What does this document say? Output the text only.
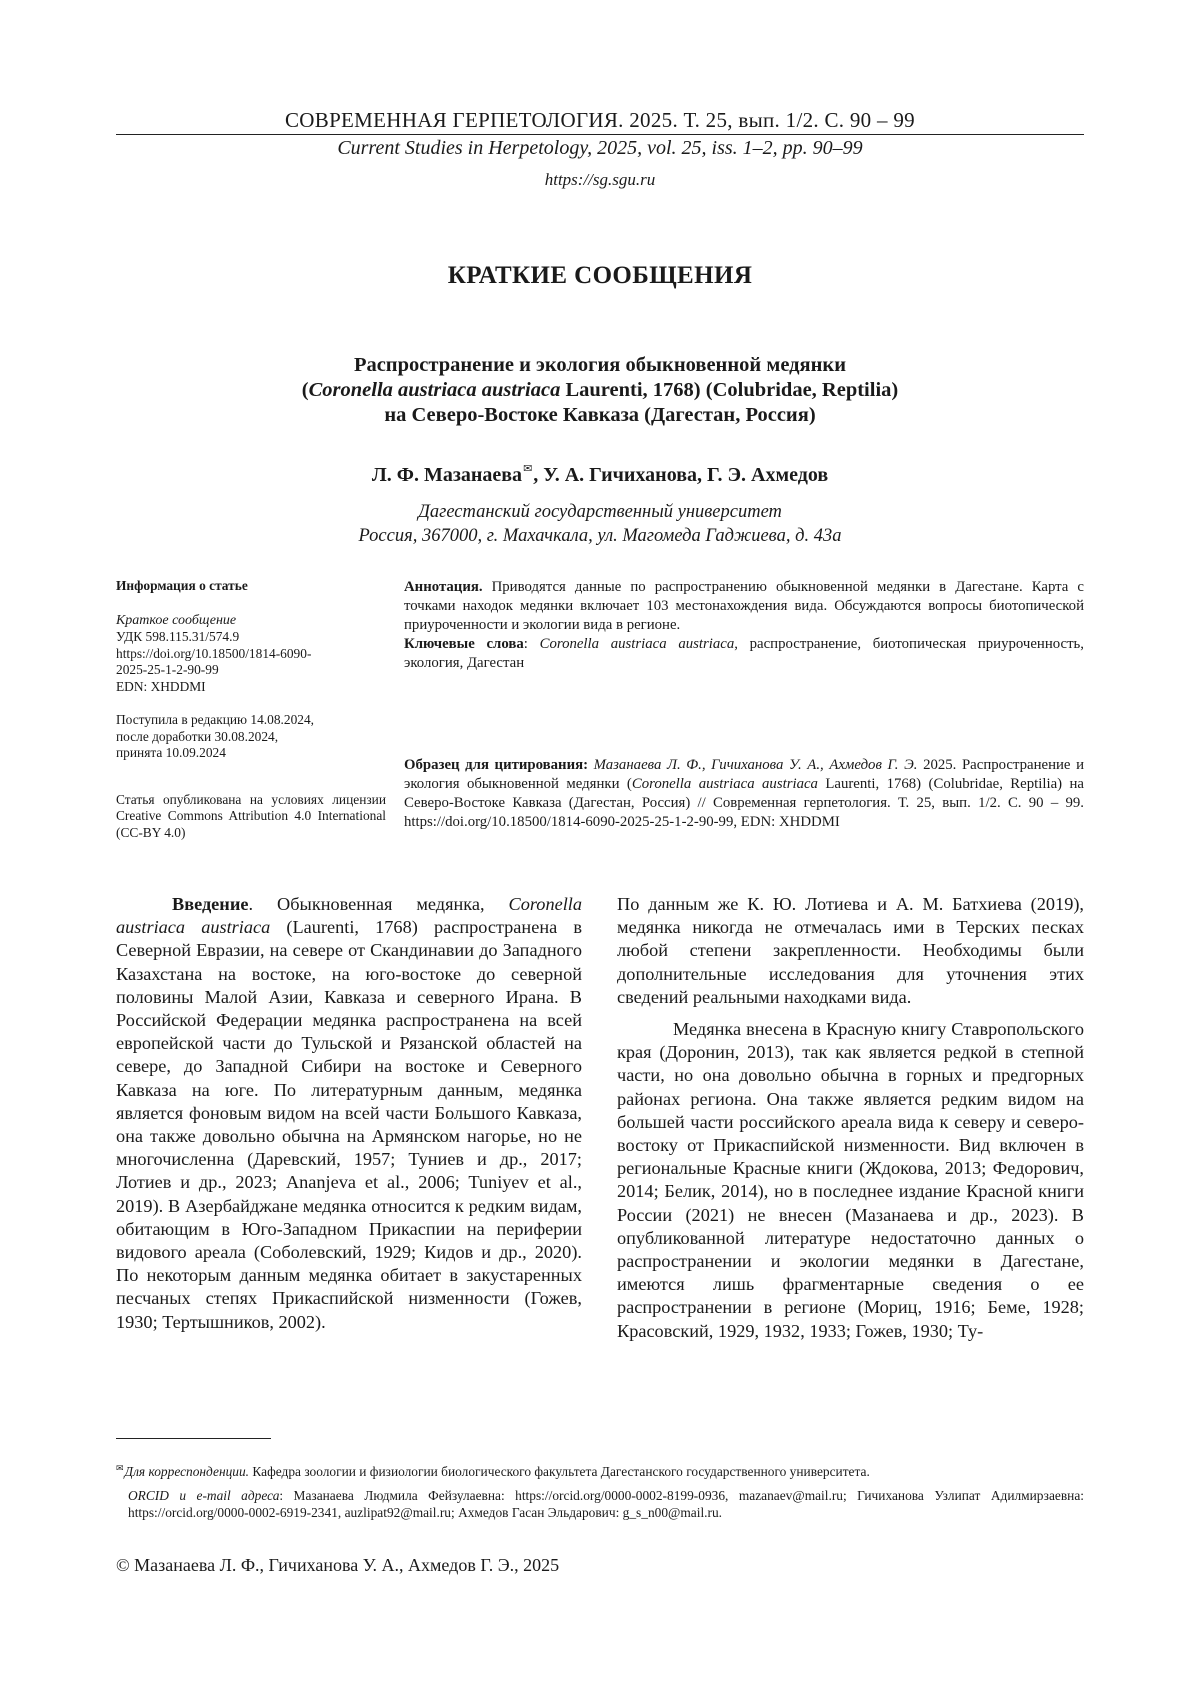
СОВРЕМЕННАЯ ГЕРПЕТОЛОГИЯ. 2025. Т. 25, вып. 1/2. С. 90 – 99
Current Studies in Herpetology, 2025, vol. 25, iss. 1–2, pp. 90–99
https://sg.sgu.ru
КРАТКИЕ СООБЩЕНИЯ
Распространение и экология обыкновенной медянки
(Coronella austriaca austriaca Laurenti, 1768) (Colubridae, Reptilia)
на Северо-Востоке Кавказа (Дагестан, Россия)
Л. Ф. Мазанаева✉, У. А. Гичиханова, Г. Э. Ахмедов
Дагестанский государственный университет
Россия, 367000, г. Махачкала, ул. Магомеда Гаджиева, д. 43а
Информация о статье
Краткое сообщение
УДК 598.115.31/574.9
https://doi.org/10.18500/1814-6090-
2025-25-1-2-90-99
EDN: XHDDMI
Поступила в редакцию 14.08.2024,
после доработки 30.08.2024,
принята 10.09.2024
Статья опубликована на условиях лицензии Creative Commons Attribution 4.0 International (CC-BY 4.0)
Аннотация. Приводятся данные по распространению обыкновенной медянки в Дагестане. Карта с точками находок медянки включает 103 местонахождения вида. Обсуждаются вопросы биотопической приуроченности и экологии вида в регионе.
Ключевые слова: Coronella austriaca austriaca, распространение, биотопическая приуроченность, экология, Дагестан
Образец для цитирования: Мазанаева Л. Ф., Гичиханова У. А., Ахмедов Г. Э. 2025. Распространение и экология обыкновенной медянки (Coronella austriaca austriaca Laurenti, 1768) (Colubridae, Reptilia) на Северо-Востоке Кавказа (Дагестан, Россия) // Современная герпетология. Т. 25, вып. 1/2. С. 90 – 99. https://doi.org/10.18500/1814-6090-2025-25-1-2-90-99, EDN: XHDDMI

Введение. Обыкновенная медянка, Coronella austriaca austriaca (Laurenti, 1768) распространена в Северной Евразии, на севере от Скандинавии до Западного Казахстана на востоке, на юго-востоке до северной половины Малой Азии, Кавказа и северного Ирана. В Российской Федерации медянка распространена на всей европейской части до Тульской и Рязанской областей на севере, до Западной Сибири на востоке и Северного Кавказа на юге. По литературным данным, медянка является фоновым видом на всей части Большого Кавказа, она также довольно обычна на Армянском нагорье, но не многочисленна (Даревский, 1957; Туниев и др., 2017; Лотиев и др., 2023; Ananjeva et al., 2006; Tuniyev et al., 2019). В Азербайджане медянка относится к редким видам, обитающим в Юго-Западном Прикаспии на периферии видового ареала (Соболевский, 1929; Кидов и др., 2020). По некоторым данным медянка обитает в закустаренных песчаных степях Прикаспийской низменности (Гожев, 1930; Тертышников, 2002).

По данным же К. Ю. Лотиева и А. М. Батхиева (2019), медянка никогда не отмечалась ими в Терских песках любой степени закрепленности. Необходимы были дополнительные исследования для уточнения этих сведений реальными находками вида.

Медянка внесена в Красную книгу Ставропольского края (Доронин, 2013), так как является редкой в степной части, но она довольно обычна в горных и предгорных районах региона. Она также является редким видом на большей части российского ареала вида к северу и северо-востоку от Прикаспийской низменности. Вид включен в региональные Красные книги (Ждокова, 2013; Федорович, 2014; Белик, 2014), но в последнее издание Красной книги России (2021) не внесен (Мазанаева и др., 2023). В опубликованной литературе недостаточно данных о распространении и экологии медянки в Дагестане, имеются лишь фрагментарные сведения о ее распространении в регионе (Мориц, 1916; Беме, 1928; Красовский, 1929, 1932, 1933; Гожев, 1930; Ту-

✉Для корреспонденции. Кафедра зоологии и физиологии биологического факультета Дагестанского государственного университета.
ORCID и e-mail адреса: Мазанаева Людмила Фейзулаевна: https://orcid.org/0000-0002-8199-0936, mazanaev@mail.ru; Гичиханова Узлипат Адилмирзаевна: https://orcid.org/0000-0002-6919-2341, auzlipat92@mail.ru; Ахмедов Гасан Эльдарович: g_s_n00@mail.ru.
© Мазанаева Л. Ф., Гичиханова У. А., Ахмедов Г. Э., 2025
